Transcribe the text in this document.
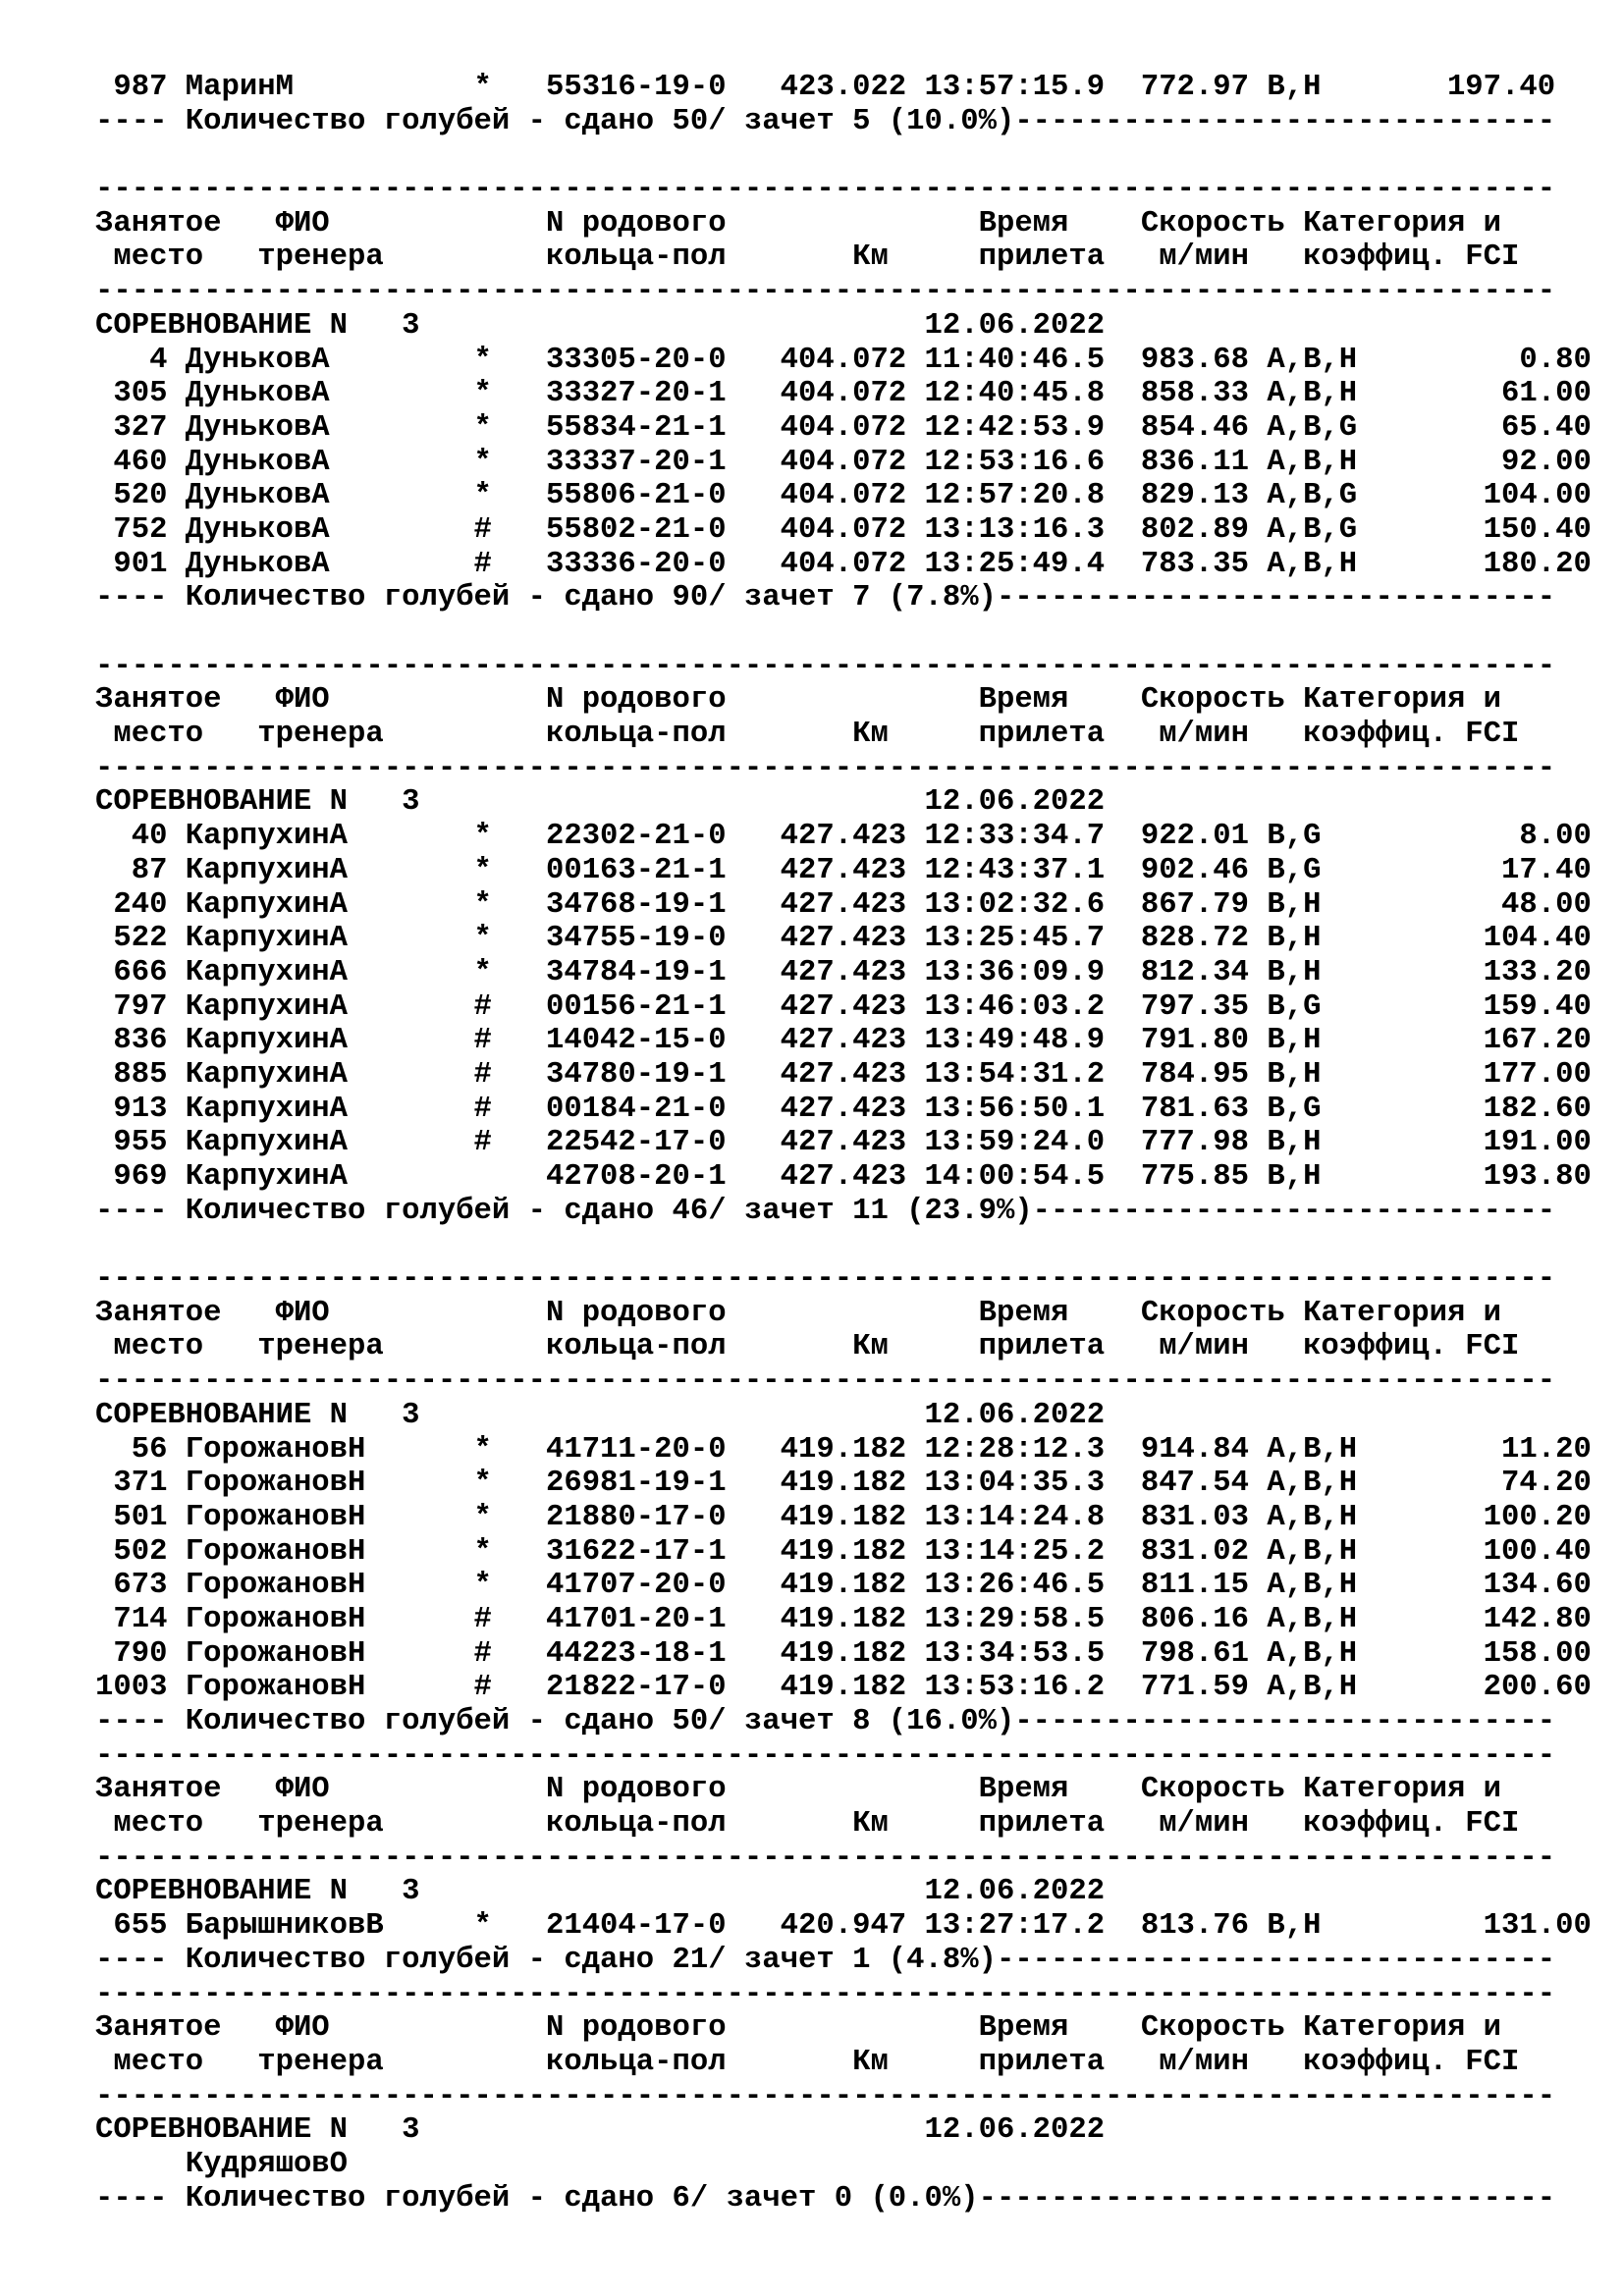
987 МаринМ          *   55316-19-0   423.022 13:57:15.9  772.97 B,H       197.40
---- Количество голубей - сдано 50/ зачет 5 (10.0%)------------------------------
---------------------------------------------------------------------------------
Занятое   ФИО            N родового              Время    Скорость Категория и
место   тренера         кольца-пол       Км     прилета   м/мин   коэффиц. FCI
---------------------------------------------------------------------------------
СОРЕВНОВАНИЕ N   3                            12.06.2022
4 ДуньковА        *   33305-20-0   404.072 11:40:46.5  983.68 A,B,H         0.80
305 ДуньковА        *   33327-20-1   404.072 12:40:45.8  858.33 A,B,H        61.00
327 ДуньковА        *   55834-21-1   404.072 12:42:53.9  854.46 A,B,G        65.40
460 ДуньковА        *   33337-20-1   404.072 12:53:16.6  836.11 A,B,H        92.00
520 ДуньковА        *   55806-21-0   404.072 12:57:20.8  829.13 A,B,G       104.00
752 ДуньковА        #   55802-21-0   404.072 13:13:16.3  802.89 A,B,G       150.40
901 ДуньковА        #   33336-20-0   404.072 13:25:49.4  783.35 A,B,H       180.20
---- Количество голубей - сдано 90/ зачет 7 (7.8%)-------------------------------
---------------------------------------------------------------------------------
Занятое   ФИО            N родового              Время    Скорость Категория и
место   тренера         кольца-пол       Км     прилета   м/мин   коэффиц. FCI
---------------------------------------------------------------------------------
СОРЕВНОВАНИЕ N   3                            12.06.2022
40 КарпухинА       *   22302-21-0   427.423 12:33:34.7  922.01 B,G           8.00
87 КарпухинА       *   00163-21-1   427.423 12:43:37.1  902.46 B,G          17.40
240 КарпухинА       *   34768-19-1   427.423 13:02:32.6  867.79 B,H          48.00
522 КарпухинА       *   34755-19-0   427.423 13:25:45.7  828.72 B,H         104.40
666 КарпухинА       *   34784-19-1   427.423 13:36:09.9  812.34 B,H         133.20
797 КарпухинА       #   00156-21-1   427.423 13:46:03.2  797.35 B,G         159.40
836 КарпухинА       #   14042-15-0   427.423 13:49:48.9  791.80 B,H         167.20
885 КарпухинА       #   34780-19-1   427.423 13:54:31.2  784.95 B,H         177.00
913 КарпухинА       #   00184-21-0   427.423 13:56:50.1  781.63 B,G         182.60
955 КарпухинА       #   22542-17-0   427.423 13:59:24.0  777.98 B,H         191.00
969 КарпухинА           42708-20-1   427.423 14:00:54.5  775.85 B,H         193.80
---- Количество голубей - сдано 46/ зачет 11 (23.9%)-----------------------------
---------------------------------------------------------------------------------
Занятое   ФИО            N родового              Время    Скорость Категория и
место   тренера         кольца-пол       Км     прилета   м/мин   коэффиц. FCI
---------------------------------------------------------------------------------
СОРЕВНОВАНИЕ N   3                            12.06.2022
56 ГорожановН      *   41711-20-0   419.182 12:28:12.3  914.84 A,B,H        11.20
371 ГорожановН      *   26981-19-1   419.182 13:04:35.3  847.54 A,B,H        74.20
501 ГорожановН      *   21880-17-0   419.182 13:14:24.8  831.03 A,B,H       100.20
502 ГорожановН      *   31622-17-1   419.182 13:14:25.2  831.02 A,B,H       100.40
673 ГорожановН      *   41707-20-0   419.182 13:26:46.5  811.15 A,B,H       134.60
714 ГорожановН      #   41701-20-1   419.182 13:29:58.5  806.16 A,B,H       142.80
790 ГорожановН      #   44223-18-1   419.182 13:34:53.5  798.61 A,B,H       158.00
1003 ГорожановН      #   21822-17-0   419.182 13:53:16.2  771.59 A,B,H       200.60
---- Количество голубей - сдано 50/ зачет 8 (16.0%)------------------------------
---------------------------------------------------------------------------------
Занятое   ФИО            N родового              Время    Скорость Категория и
место   тренера         кольца-пол       Км     прилета   м/мин   коэффиц. FCI
---------------------------------------------------------------------------------
СОРЕВНОВАНИЕ N   3                            12.06.2022
655 БарышниковВ     *   21404-17-0   420.947 13:27:17.2  813.76 B,H         131.00
---- Количество голубей - сдано 21/ зачет 1 (4.8%)-------------------------------
---------------------------------------------------------------------------------
Занятое   ФИО            N родового              Время    Скорость Категория и
место   тренера         кольца-пол       Км     прилета   м/мин   коэффиц. FCI
---------------------------------------------------------------------------------
СОРЕВНОВАНИЕ N   3                            12.06.2022
КудряшовО
---- Количество голубей - сдано 6/ зачет 0 (0.0%)--------------------------------
